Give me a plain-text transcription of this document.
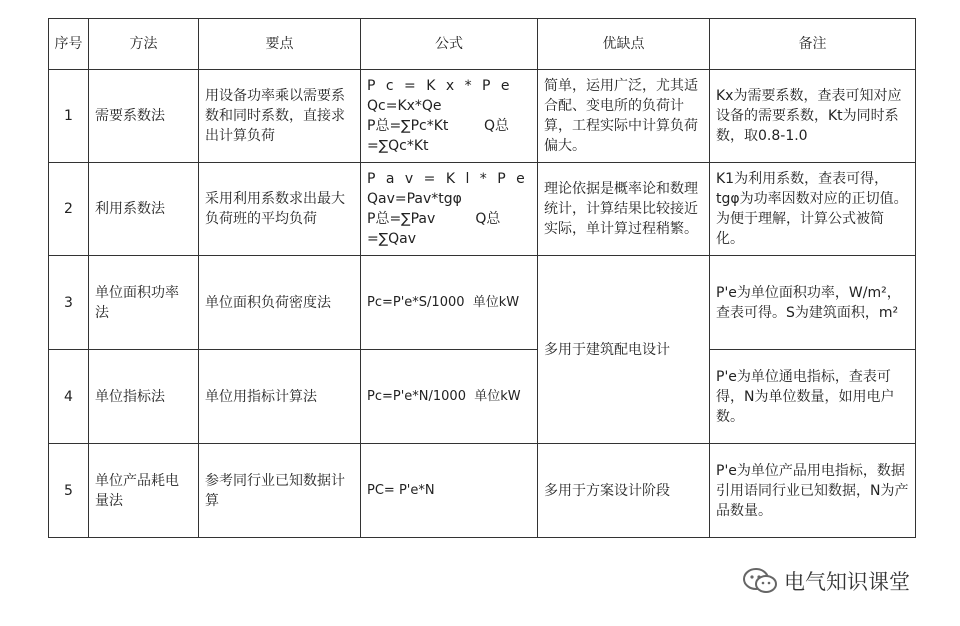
序号	方法	要点	公式	优缺点	备注
1	需要系数法	用设备功率乘以需要系数和同时系数，直接求出计算负荷	P c = K x * P e
Qc=Kx*Qe
P总=∑Pc*Kt        Q总
=∑Qc*Kt	简单，运用广泛，尤其适合配、变电所的负荷计算，工程实际中计算负荷偏大。	Kx为需要系数，查表可知对应设备的需要系数，Kt为同时系数，取0.8-1.0
2	利用系数法	采用利用系数求出最大负荷班的平均负荷	P a v = K l * P e
Qav=Pav*tgφ
P总=∑Pav         Q总
=∑Qav	理论依据是概率论和数理统计，计算结果比较接近实际，单计算过程稍繁。	K1为利用系数，查表可得，tgφ为功率因数对应的正切值。为便于理解，计算公式被简化。
3	单位面积功率法	单位面积负荷密度法	Pc=P'e*S/1000  单位kW	多用于建筑配电设计	P'e为单位面积功率，W/m²，查表可得。S为建筑面积，m²
4	单位指标法	单位用指标计算法	Pc=P'e*N/1000  单位kW		P'e为单位通电指标，查表可得，N为单位数量，如用电户数。
5	单位产品耗电量法	参考同行业已知数据计算	PC= P'e*N	多用于方案设计阶段	P'e为单位产品用电指标，数据引用语同行业已知数据，N为产品数量。
电气知识课堂
